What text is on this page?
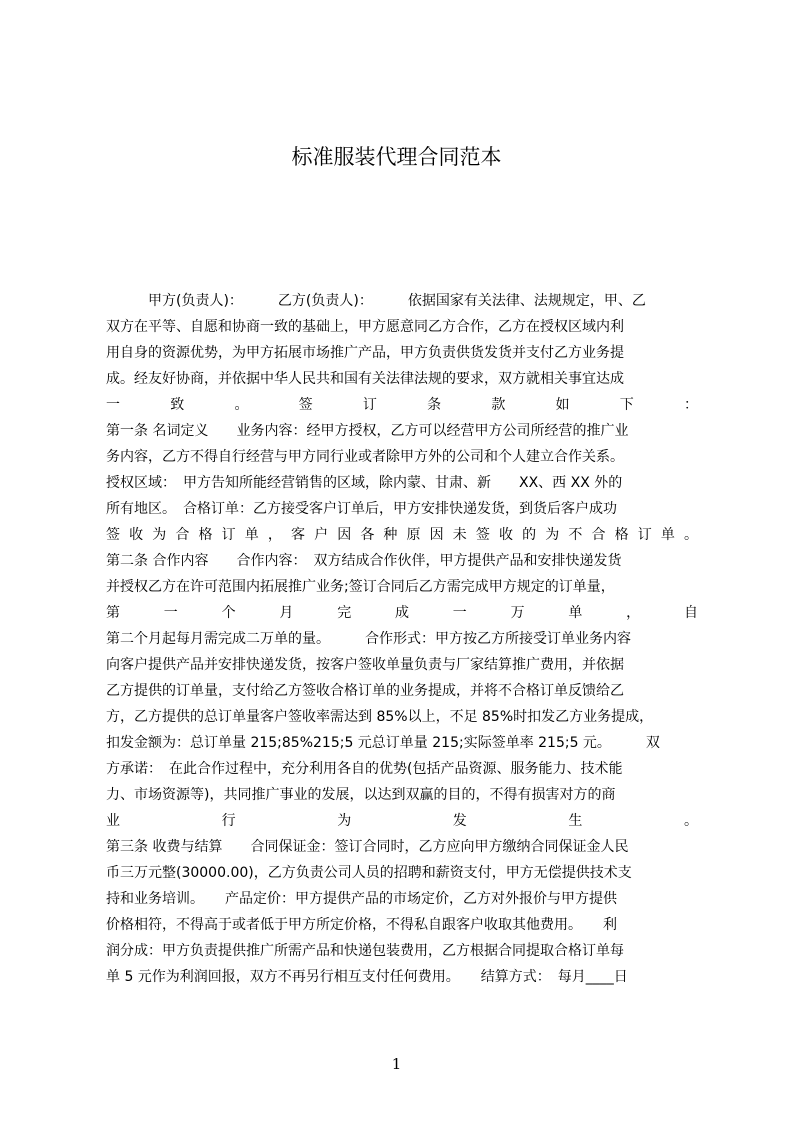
标准服装代理合同范本
　　　甲方(负责人)：　　　乙方(负责人)：　　　依据国家有关法律、法规规定，甲、乙
双方在平等、自愿和协商一致的基础上，甲方愿意同乙方合作，乙方在授权区域内利
用自身的资源优势，为甲方拓展市场推广产品，甲方负责供货发货并支付乙方业务提
成。经友好协商，并依据中华人民共和国有关法律法规的要求，双方就相关事宜达成
一 致 。 签 订 条 款 如 下 ：
第一条 名词定义　　业务内容：经甲方授权，乙方可以经营甲方公司所经营的推广业
务内容，乙方不得自行经营与甲方同行业或者除甲方外的公司和个人建立合作关系。
授权区域：　甲方告知所能经营销售的区域，除内蒙、甘肃、新　　XX、西 XX 外的
所有地区。　合格订单：乙方接受客户订单后，甲方安排快递发货，到货后客户成功
签 收 为 合 格 订 单 ， 客 户 因 各 种 原 因 未 签 收 的 为 不 合 格 订 单 。
第二条 合作内容　　合作内容：　双方结成合作伙伴，甲方提供产品和安排快递发货
并授权乙方在许可范围内拓展推广业务;签订合同后乙方需完成甲方规定的订单量，
第 一 个 月 完 成 一 万 单 ， 自
第二个月起每月需完成二万单的量。　　　合作形式：甲方按乙方所接受订单业务内容
向客户提供产品并安排快递发货，按客户签收单量负责与厂家结算推广费用，并依据
乙方提供的订单量，支付给乙方签收合格订单的业务提成，并将不合格订单反馈给乙
方，乙方提供的总订单量客户签收率需达到 85%以上，不足 85%时扣发乙方业务提成，
扣发金额为：总订单量 215;85%215;5 元总订单量 215;实际签单率 215;5 元。　　　双
方承诺：　在此合作过程中，充分利用各自的优势(包括产品资源、服务能力、技术能
力、市场资源等)，共同推广事业的发展，以达到双赢的目的，不得有损害对方的商
业 行 为 发 生 。
第三条 收费与结算　　合同保证金：签订合同时，乙方应向甲方缴纳合同保证金人民
币三万元整(30000.00)，乙方负责公司人员的招聘和薪资支付，甲方无偿提供技术支
持和业务培训。　　产品定价：甲方提供产品的市场定价，乙方对外报价与甲方提供
价格相符，不得高于或者低于甲方所定价格，不得私自跟客户收取其他费用。　　利
润分成：甲方负责提供推广所需产品和快递包装费用，乙方根据合同提取合格订单每
单 5 元作为利润回报，双方不再另行相互支付任何费用。　　结算方式：　每月____日
1
